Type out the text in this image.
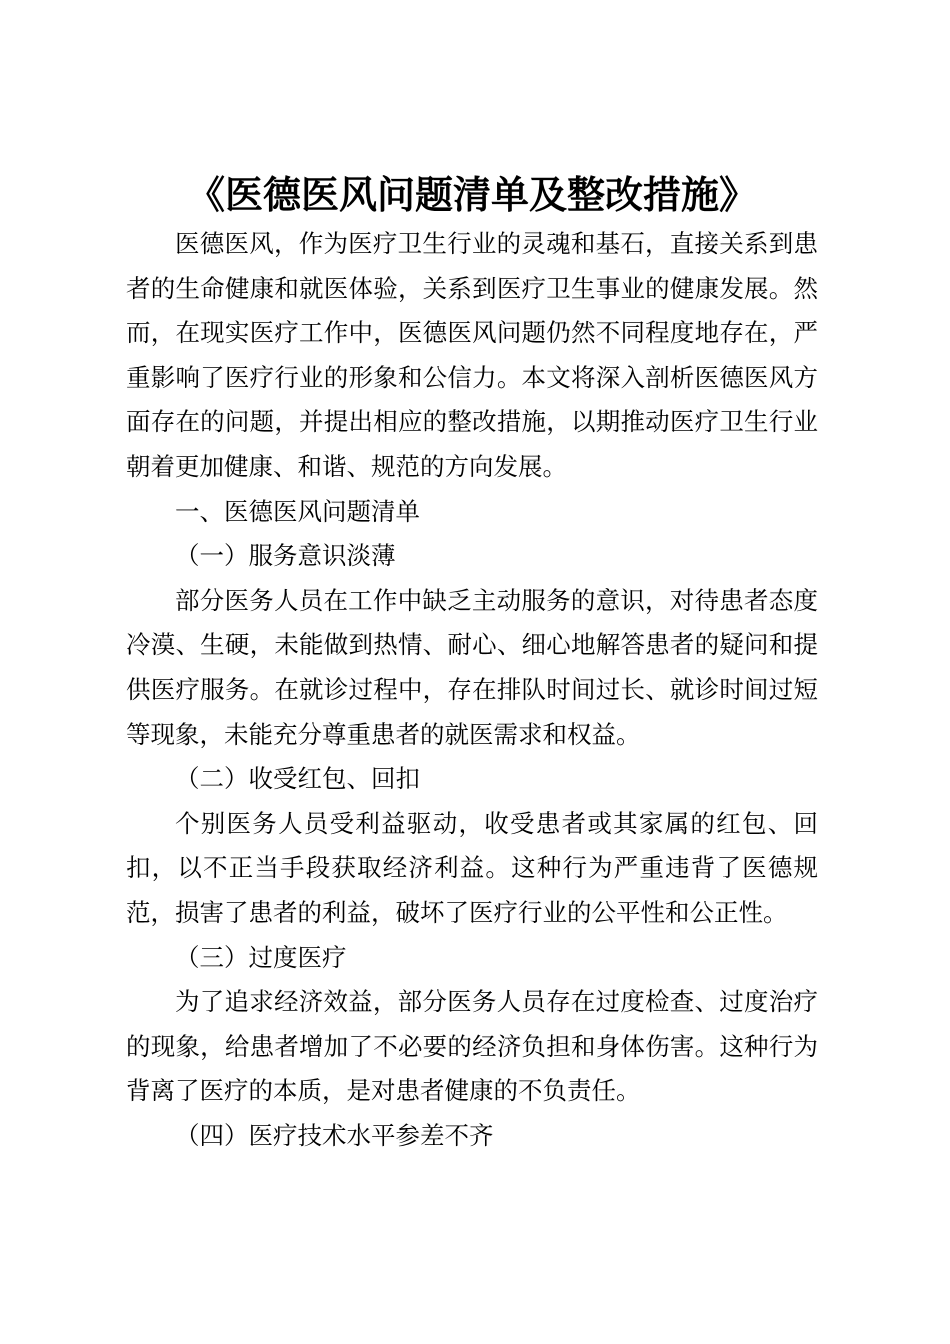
《医德医风问题清单及整改措施》

医德医风，作为医疗卫生行业的灵魂和基石，直接关系到患者的生命健康和就医体验，关系到医疗卫生事业的健康发展。然而，在现实医疗工作中，医德医风问题仍然不同程度地存在，严重影响了医疗行业的形象和公信力。本文将深入剖析医德医风方面存在的问题，并提出相应的整改措施，以期推动医疗卫生行业朝着更加健康、和谐、规范的方向发展。

一、医德医风问题清单

（一）服务意识淡薄

部分医务人员在工作中缺乏主动服务的意识，对待患者态度冷漠、生硬，未能做到热情、耐心、细心地解答患者的疑问和提供医疗服务。在就诊过程中，存在排队时间过长、就诊时间过短等现象，未能充分尊重患者的就医需求和权益。

（二）收受红包、回扣

个别医务人员受利益驱动，收受患者或其家属的红包、回扣，以不正当手段获取经济利益。这种行为严重违背了医德规范，损害了患者的利益，破坏了医疗行业的公平性和公正性。

（三）过度医疗

为了追求经济效益，部分医务人员存在过度检查、过度治疗的现象，给患者增加了不必要的经济负担和身体伤害。这种行为背离了医疗的本质，是对患者健康的不负责任。

（四）医疗技术水平参差不齐
